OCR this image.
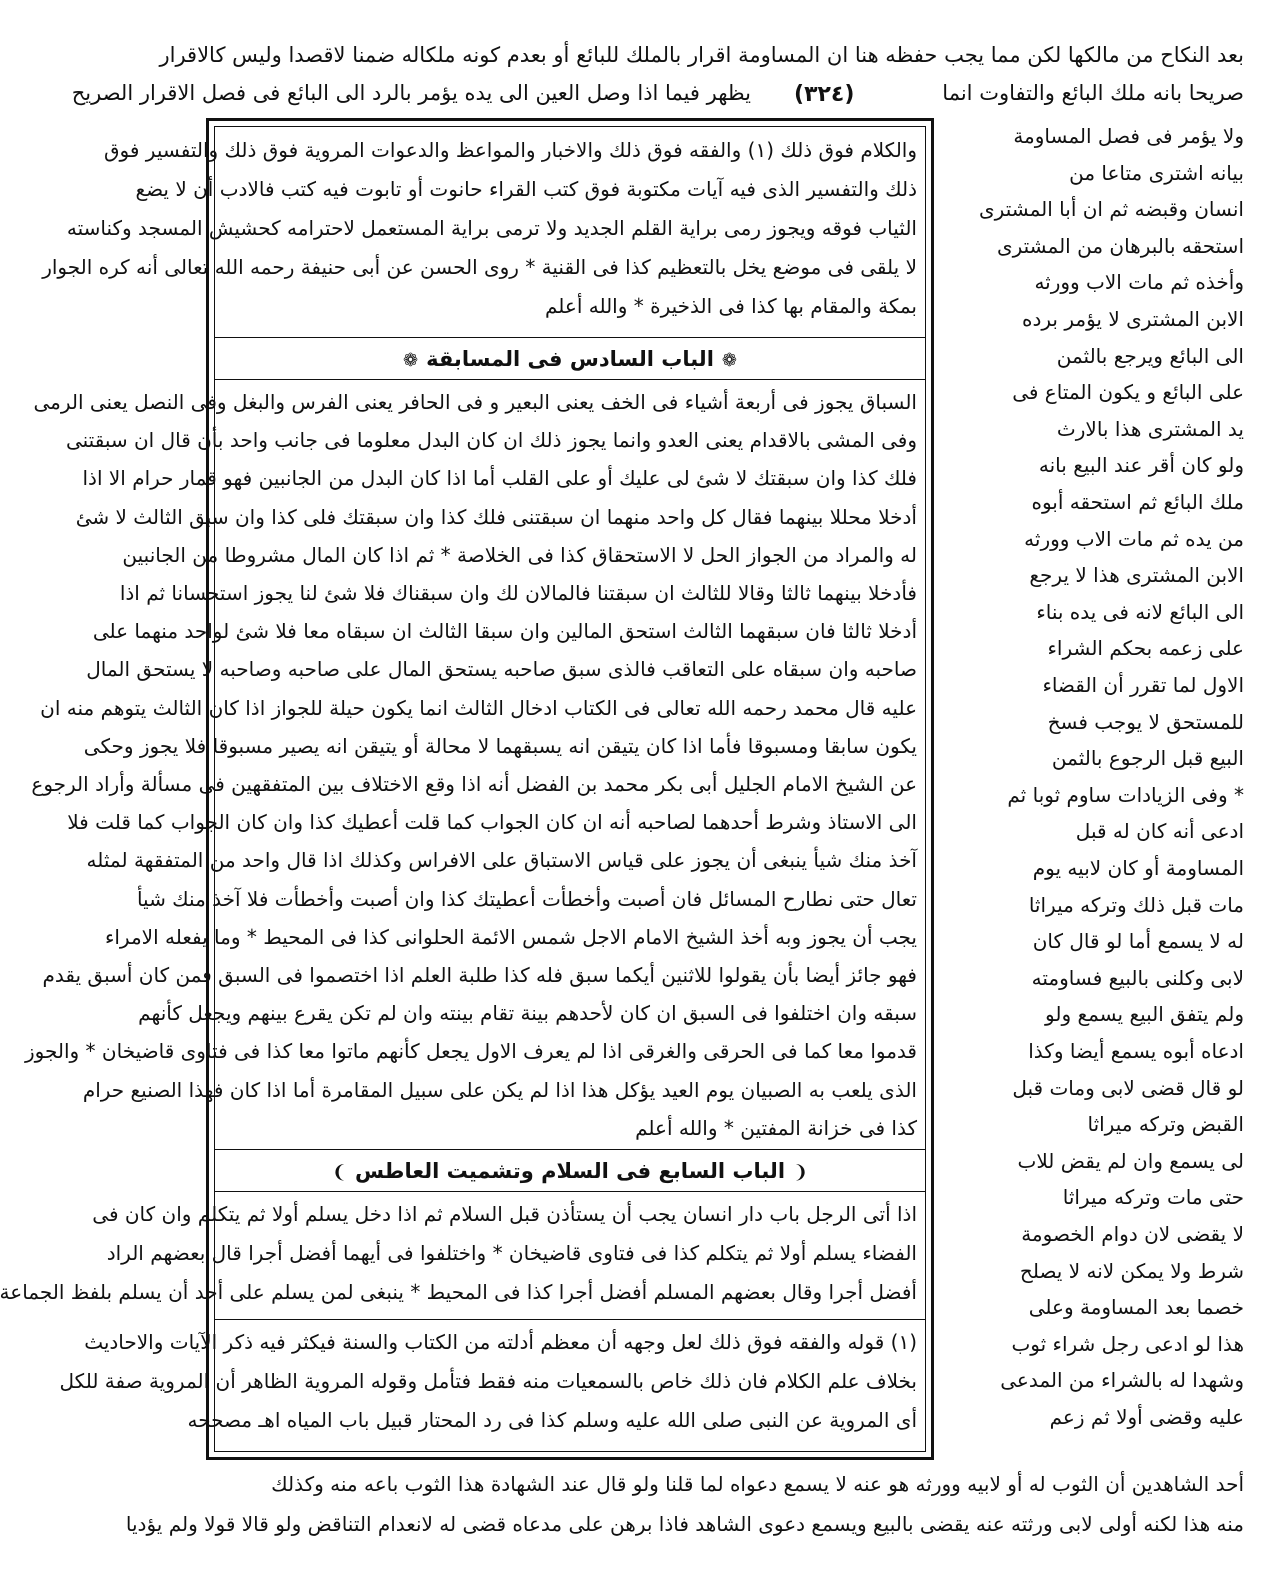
بعد النكاح من مالكها لكن مما يجب حفظه هنا ان المساومة اقرار بالملك للبائع أو بعدم كونه ملكاله ضمنا لاقصدا وليس كالاقرار
صريحا بانه ملك البائع والتفاوت انما
يظهر فيما اذا وصل العين الى يده يؤمر بالرد الى البائع فى فصل الاقرار الصريح (٣٢٤)
ولا يؤمر فى فصل المساومة
بيانه اشترى متاعا من
انسان وقبضه ثم ان أبا المشترى
استحقه بالبرهان من المشترى
وأخذه ثم مات الاب وورثه
الابن المشترى لا يؤمر برده
الى البائع ويرجع بالثمن
على البائع و يكون المتاع فى
يد المشترى هذا بالارث
ولو كان أقر عند البيع بانه
ملك البائع ثم استحقه أبوه
من يده ثم مات الاب وورثه
الابن المشترى هذا لا يرجع
الى البائع لانه فى يده بناء
على زعمه بحكم الشراء
الاول لما تقرر أن القضاء
للمستحق لا يوجب فسخ
البيع قبل الرجوع بالثمن
* وفى الزيادات ساوم ثوبا ثم
ادعى أنه كان له قبل
المساومة أو كان لابيه يوم
مات قبل ذلك وتركه ميراثا
له لا يسمع أما لو قال كان
لابى وكلنى بالبيع فساومته
ولم يتفق البيع يسمع ولو
ادعاه أبوه يسمع أيضا وكذا
لو قال قضى لابى ومات قبل
القبض وتركه ميراثا
لى يسمع وان لم يقض للاب
حتى مات وتركه ميراثا
لا يقضى لان دوام الخصومة
شرط ولا يمكن لانه لا يصلح
خصما بعد المساومة وعلى
هذا لو ادعى رجل شراء ثوب
وشهدا له بالشراء من المدعى
عليه وقضى أولا ثم زعم
والكلام فوق ذلك (١) والفقه فوق ذلك والاخبار والمواعظ والدعوات المروية فوق ذلك والتفسير فوق
ذلك والتفسير الذى فيه آيات مكتوبة فوق كتب القراء حانوت أو تابوت فيه كتب فالادب أن لا يضع
الثياب فوقه ويجوز رمى براية القلم الجديد ولا ترمى براية المستعمل لاحترامه كحشيش المسجد وكناسته
لا يلقى فى موضع يخل بالتعظيم كذا فى القنية * روى الحسن عن أبى حنيفة رحمه الله تعالى أنه كره الجوار
بمكة والمقام بها كذا فى الذخيرة * والله أعلم
❁الباب السادس فى المسابقة❁
السباق يجوز فى أربعة أشياء فى الخف يعنى البعير و فى الحافر يعنى الفرس والبغل وفى النصل يعنى الرمى
وفى المشى بالاقدام يعنى العدو وانما يجوز ذلك ان كان البدل معلوما فى جانب واحد بأن قال ان سبقتنى
فلك كذا وان سبقتك لا شئ لى عليك أو على القلب أما اذا كان البدل من الجانبين فهو قمار حرام الا اذا
أدخلا محللا بينهما فقال كل واحد منهما ان سبقتنى فلك كذا وان سبقتك فلى كذا وان سبق الثالث لا شئ
له والمراد من الجواز الحل لا الاستحقاق كذا فى الخلاصة * ثم اذا كان المال مشروطا من الجانبين
فأدخلا بينهما ثالثا وقالا للثالث ان سبقتنا فالمالان لك وان سبقناك فلا شئ لنا يجوز استحسانا ثم اذا
أدخلا ثالثا فان سبقهما الثالث استحق المالين وان سبقا الثالث ان سبقاه معا فلا شئ لواحد منهما على
صاحبه وان سبقاه على التعاقب فالذى سبق صاحبه يستحق المال على صاحبه وصاحبه لا يستحق المال
عليه قال محمد رحمه الله تعالى فى الكتاب ادخال الثالث انما يكون حيلة للجواز اذا كان الثالث يتوهم منه ان
يكون سابقا ومسبوقا فأما اذا كان يتيقن انه يسبقهما لا محالة أو يتيقن انه يصير مسبوقا فلا يجوز وحكى
عن الشيخ الامام الجليل أبى بكر محمد بن الفضل أنه اذا وقع الاختلاف بين المتفقهين فى مسألة وأراد الرجوع
الى الاستاذ وشرط أحدهما لصاحبه أنه ان كان الجواب كما قلت أعطيك كذا وان كان الجواب كما قلت فلا
آخذ منك شيأ ينبغى أن يجوز على قياس الاستباق على الافراس وكذلك اذا قال واحد من المتفقهة لمثله
تعال حتى نطارح المسائل فان أصبت وأخطأت أعطيتك كذا وان أصبت وأخطأت فلا آخذ منك شيأ
يجب أن يجوز وبه أخذ الشيخ الامام الاجل شمس الائمة الحلوانى كذا فى المحيط * وما يفعله الامراء
فهو جائز أيضا بأن يقولوا للاثنين أيكما سبق فله كذا طلبة العلم اذا اختصموا فى السبق فمن كان أسبق يقدم
سبقه وان اختلفوا فى السبق ان كان لأحدهم بينة تقام بينته وان لم تكن يقرع بينهم ويجعل كأنهم
قدموا معا كما فى الحرقى والغرقى اذا لم يعرف الاول يجعل كأنهم ماتوا معا كذا فى فتاوى قاضيخان * والجوز
الذى يلعب به الصبيان يوم العيد يؤكل هذا اذا لم يكن على سبيل المقامرة أما اذا كان فهذا الصنيع حرام
كذا فى خزانة المفتين * والله أعلم
❨الباب السابع فى السلام وتشميت العاطس❩
اذا أتى الرجل باب دار انسان يجب أن يستأذن قبل السلام ثم اذا دخل يسلم أولا ثم يتكلم وان كان فى
الفضاء يسلم أولا ثم يتكلم كذا فى فتاوى قاضيخان * واختلفوا فى أيهما أفضل أجرا قال بعضهم الراد
أفضل أجرا وقال بعضهم المسلم أفضل أجرا كذا فى المحيط * ينبغى لمن يسلم على أحد أن يسلم بلفظ الجماعة
(١) قوله والفقه فوق ذلك لعل وجهه أن معظم أدلته من الكتاب والسنة فيكثر فيه ذكر الآيات والاحاديث
بخلاف علم الكلام فان ذلك خاص بالسمعيات منه فقط فتأمل وقوله المروية الظاهر أن المروية صفة للكل
أى المروية عن النبى صلى الله عليه وسلم كذا فى رد المحتار قبيل باب المياه اهـ مصححه
أحد الشاهدين أن الثوب له أو لابيه وورثه هو عنه لا يسمع دعواه لما قلنا ولو قال عند الشهادة هذا الثوب باعه منه وكذلك
منه هذا لكنه أولى لابى ورثته عنه يقضى بالبيع ويسمع دعوى الشاهد فاذا برهن على مدعاه قضى له لانعدام التناقض ولو قالا قولا ولم يؤديا
